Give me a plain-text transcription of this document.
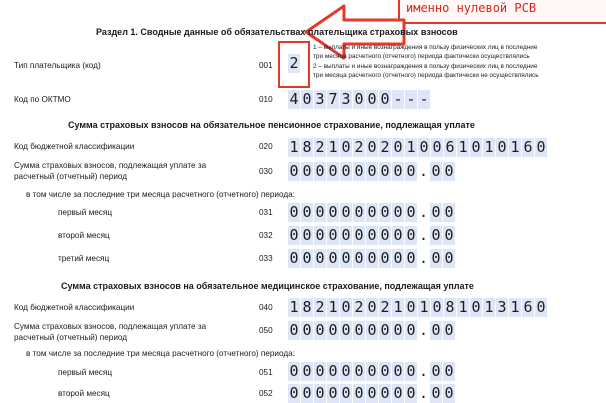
именно нулевой РСВ
Раздел 1. Сводные данные об обязательствах плательщика страховых взносов
Тип плательщика (код)	001 2
1 – выплаты и иные вознаграждения в пользу физических лиц в последние
три месяца расчетного (отчетного) периода фактически осуществлялись
2 – выплаты и иные вознаграждения в пользу физических лиц в последние
три месяца расчетного (отчетного) периода фактически не осуществлялись
Код по ОКТМО	010 4 0 3 7 3 0 0 0 - - -
Сумма страховых взносов на обязательное пенсионное страхование, подлежащая уплате
Код бюджетной классификации	020 1 8 2 1 0 2 0 2 0 1 0 0 6 1 0 1 0 1 6 0
Сумма страховых взносов, подлежащая уплате за
расчетный (отчетный) период
030 0 0 0 0 0 0 0 0 0 0 . 0 0
в том числе за последние три месяца расчетного (отчетного) периода:
первый месяц	031 0 0 0 0 0 0 0 0 0 0 . 0 0
второй месяц	032 0 0 0 0 0 0 0 0 0 0 . 0 0
третий месяц	033 0 0 0 0 0 0 0 0 0 0 . 0 0
Сумма страховых взносов на обязательное медицинское страхование, подлежащая уплате
Код бюджетной классификации	040 1 8 2 1 0 2 0 2 1 0 1 0 8 1 0 1 3 1 6 0
Сумма страховых взносов, подлежащая уплате за
расчетный (отчетный) период
050 0 0 0 0 0 0 0 0 0 0 . 0 0
в том числе за последние три месяца расчетного (отчетного) периода:
первый месяц	051 0 0 0 0 0 0 0 0 0 0 . 0 0
второй месяц	052 0 0 0 0 0 0 0 0 0 0 . 0 0
